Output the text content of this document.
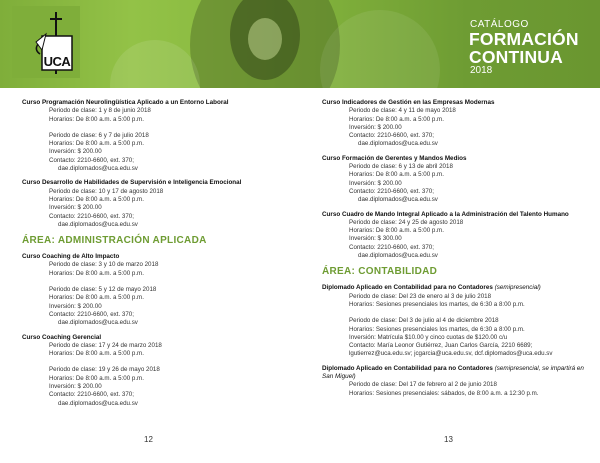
UCA
CATÁLOGO
FORMACIÓN
CONTINUA
2018
Curso Programación Neurolingüística Aplicado a un Entorno Laboral
Periodo de clase: 1 y 8 de junio 2018
Horarios: De 8:00 a.m. a 5:00 p.m.
Periodo de clase: 6 y 7 de julio 2018
Horarios: De 8:00 a.m. a 5:00 p.m.
Inversión: $ 200.00
Contacto: 2210-6600, ext. 370;
dae.diplomados@uca.edu.sv
Curso Desarrollo de Habilidades de Supervisión e Inteligencia Emocional
Periodo de clase: 10 y 17 de agosto 2018
Horarios: De 8:00 a.m. a 5:00 p.m.
Inversión: $ 200.00
Contacto: 2210-6600, ext. 370;
dae.diplomados@uca.edu.sv
ÁREA: ADMINISTRACIÓN APLICADA
Curso Coaching de Alto Impacto
Periodo de clase: 3 y 10 de marzo 2018
Horarios: De 8:00 a.m. a 5:00 p.m.
Periodo de clase: 5 y 12 de mayo 2018
Horarios: De 8:00 a.m. a 5:00 p.m.
Inversión: $ 200.00
Contacto: 2210-6600, ext. 370;
dae.diplomados@uca.edu.sv
Curso Coaching Gerencial
Periodo de clase: 17 y 24 de marzo 2018
Horarios: De 8:00 a.m. a 5:00 p.m.
Periodo de clase: 19 y 26 de mayo 2018
Horarios: De 8:00 a.m. a 5:00 p.m.
Inversión: $ 200.00
Contacto: 2210-6600, ext. 370;
dae.diplomados@uca.edu.sv
Curso Indicadores de Gestión en las Empresas Modernas
Periodo de clase: 4 y 11 de mayo 2018
Horarios: De 8:00 a.m. a 5:00 p.m.
Inversión: $ 200.00
Contacto: 2210-6600, ext. 370;
dae.diplomados@uca.edu.sv
Curso Formación de Gerentes y Mandos Medios
Periodo de clase: 6 y 13 de abril 2018
Horarios: De 8:00 a.m. a 5:00 p.m.
Inversión: $ 200.00
Contacto: 2210-6600, ext. 370;
dae.diplomados@uca.edu.sv
Curso Cuadro de Mando Integral Aplicado a la Administración del Talento Humano
Periodo de clase: 24 y 25 de agosto 2018
Horarios: De 8:00 a.m. a 5:00 p.m.
Inversión: $ 300.00
Contacto: 2210-6600, ext. 370;
dae.diplomados@uca.edu.sv
ÁREA: CONTABILIDAD
Diplomado Aplicado en Contabilidad para no Contadores (semipresencial)
Periodo de clase: Del 23 de enero al 3 de julio 2018
Horarios: Sesiones presenciales los martes, de 6:30 a 8:00 p.m.
Periodo de clase: Del 3 de julio al 4 de diciembre 2018
Horarios: Sesiones presenciales los martes, de 6:30 a 8:00 p.m.
Inversión: Matrícula $10.00 y cinco cuotas de $120.00 c/u
Contacto: María Leonor Gutiérrez, Juan Carlos García, 2210 6689;
lgutierrez@uca.edu.sv; jcgarcia@uca.edu.sv, dcf.diplomados@uca.edu.sv
Diplomado Aplicado en Contabilidad para no Contadores (semipresencial, se impartirá en San Miguel)
Periodo de clase: Del 17 de febrero al 2 de junio 2018
Horarios: Sesiones presenciales: sábados, de 8:00 a.m. a 12:30 p.m.
12	13
